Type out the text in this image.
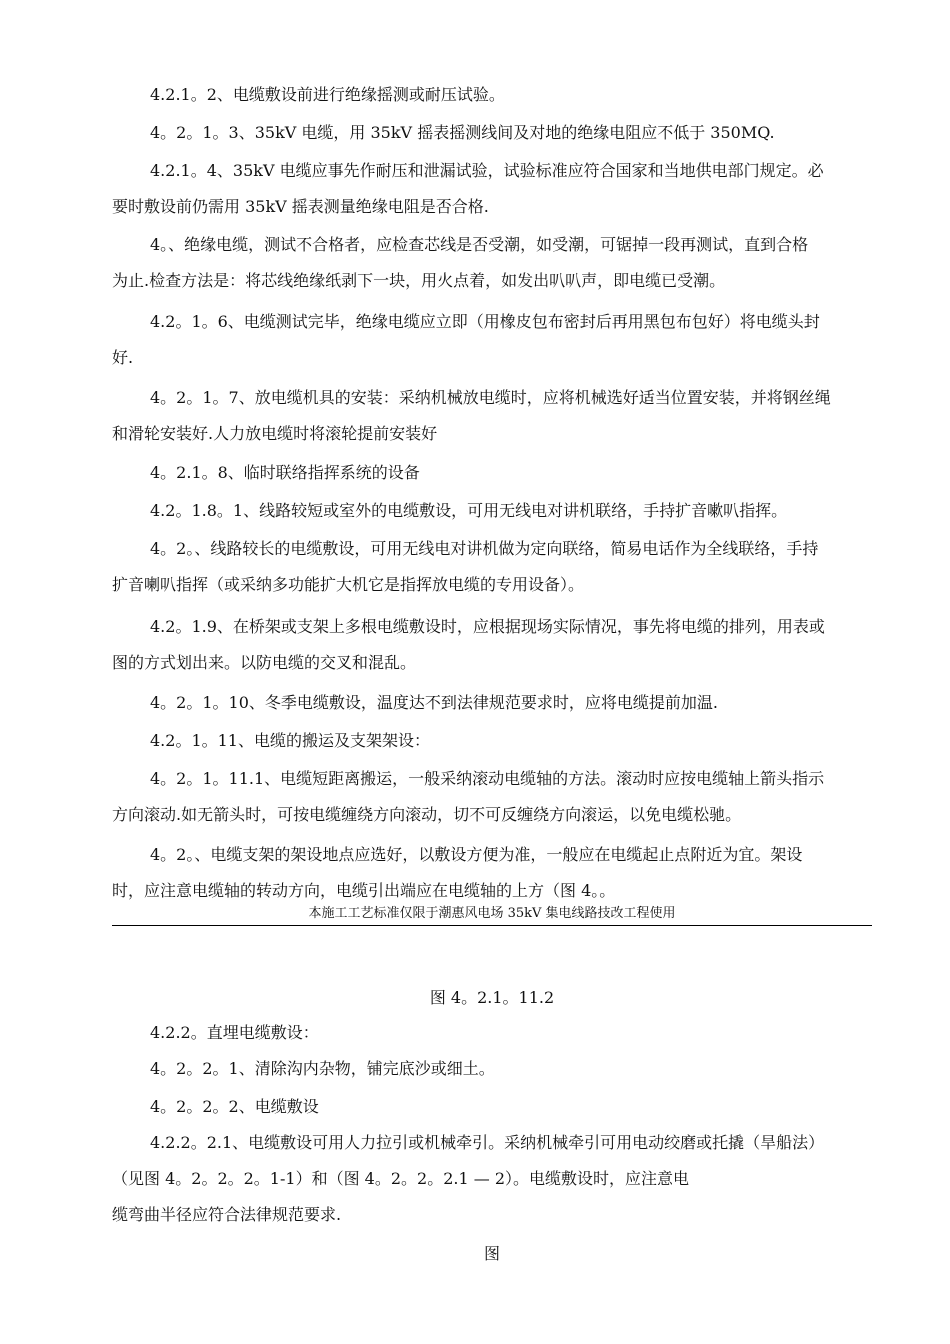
4.2.1。2、电缆敷设前进行绝缘摇测或耐压试验。
4。2。1。3、35kV 电缆，用 35kV 摇表摇测线间及对地的绝缘电阻应不低于 350MQ.
4.2.1。4、35kV 电缆应事先作耐压和泄漏试验，试验标准应符合国家和当地供电部门规定。必
要时敷设前仍需用 35kV 摇表测量绝缘电阻是否合格.
4。、绝缘电缆，测试不合格者，应检查芯线是否受潮，如受潮，可锯掉一段再测试，直到合格
为止.检查方法是：将芯线绝缘纸剥下一块，用火点着，如发出叭叭声，即电缆已受潮。
4.2。1。6、电缆测试完毕，绝缘电缆应立即（用橡皮包布密封后再用黑包布包好）将电缆头封
好.
4。2。1。7、放电缆机具的安装：采纳机械放电缆时，应将机械选好适当位置安装，并将钢丝绳
和滑轮安装好.人力放电缆时将滚轮提前安装好
4。2.1。8、临时联络指挥系统的设备
4.2。1.8。1、线路较短或室外的电缆敷设，可用无线电对讲机联络，手持扩音嗽叭指挥。
4。2。、线路较长的电缆敷设，可用无线电对讲机做为定向联络，简易电话作为全线联络，手持
扩音喇叭指挥（或采纳多功能扩大机它是指挥放电缆的专用设备）。
4.2。1.9、在桥架或支架上多根电缆敷设时，应根据现场实际情况，事先将电缆的排列，用表或
图的方式划出来。以防电缆的交叉和混乱。
4。2。1。10、冬季电缆敷设，温度达不到法律规范要求时，应将电缆提前加温.
4.2。1。11、电缆的搬运及支架架设：
4。2。1。11.1、电缆短距离搬运，一般采纳滚动电缆轴的方法。滚动时应按电缆轴上箭头指示
方向滚动.如无箭头时，可按电缆缠绕方向滚动，切不可反缠绕方向滚运，以免电缆松驰。
4。2。、电缆支架的架设地点应选好，以敷设方便为准，一般应在电缆起止点附近为宜。架设
时，应注意电缆轴的转动方向，电缆引出端应在电缆轴的上方（图 4。。
本施工工艺标准仅限于潮惠风电场 35kV 集电线路技改工程使用
图 4。2.1。11.2
4.2.2。直埋电缆敷设：
4。2。2。1、清除沟内杂物，铺完底沙或细土。
4。2。2。2、电缆敷设
4.2.2。2.1、电缆敷设可用人力拉引或机械牵引。采纳机械牵引可用电动绞磨或托撬（旱船法）
（见图 4。2。2。2。1-1）和（图 4。2。2。2.1 — 2）。电缆敷设时，应注意电
缆弯曲半径应符合法律规范要求.
图
